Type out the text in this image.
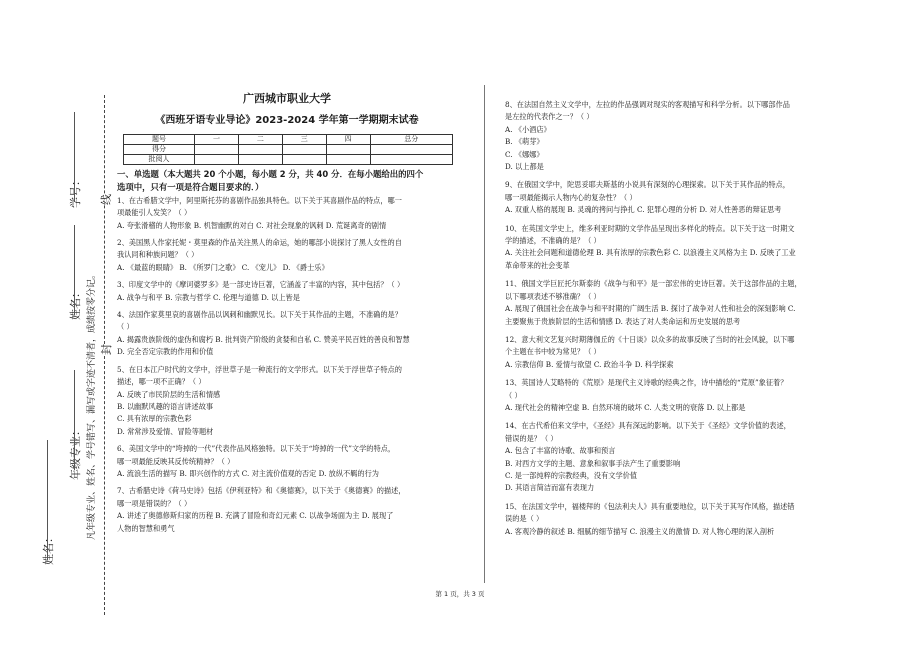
姓名：
学号：
年级专业：
姓名：
凡年级专业、姓名、学号错写、漏写或字迹不清者，成绩按零分记。 封
线
广西城市职业大学
《西班牙语专业导论》2023-2024 学年第一学期期末试卷
题号	一	二	三	四	总分
得分					
批阅人					
一、单选题（本大题共 20 个小题，每小题 2 分，共 40 分．在每小题给出的四个
选项中，只有一项是符合题目要求的．）
1、在古希腊文学中，阿里斯托芬的喜剧作品独具特色。以下关于其喜剧作品的特点，哪一
项最能引人发笑？（ ）
A. 夸张滑稽的人物形象 B. 机智幽默的对白 C. 对社会现象的讽刺 D. 荒诞离奇的剧情
2、美国黑人作家托妮・莫里森的作品关注黑人的命运，她的哪部小说探讨了黑人女性的自
我认同和种族问题？（ ）
A. 《最蓝的眼睛》 B. 《所罗门之歌》 C. 《宠儿》 D. 《爵士乐》
3、印度文学中的《摩诃婆罗多》是一部史诗巨著，它涵盖了丰富的内容，其中包括？（ ）
A. 战争与和平 B. 宗教与哲学 C. 伦理与道德 D. 以上皆是
4、法国作家莫里哀的喜剧作品以讽刺和幽默见长。以下关于其作品的主题，不准确的是？
（ ）
A. 揭露贵族阶级的虚伪和腐朽 B. 批判资产阶级的贪婪和自私 C. 赞美平民百姓的善良和智慧
D. 完全否定宗教的作用和价值
5、在日本江户时代的文学中，浮世草子是一种流行的文学形式。以下关于浮世草子特点的
描述，哪一项不正确？（ ）
A. 反映了市民阶层的生活和情感
B. 以幽默风趣的语言讲述故事
C. 具有浓厚的宗教色彩
D. 常常涉及爱情、冒险等题材
6、美国文学中的“垮掉的一代”代表作品风格独特。以下关于“垮掉的一代”文学的特点，
哪一项最能反映其反传统精神？（ ）
A. 流浪生活的描写 B. 即兴创作的方式 C. 对主流价值观的否定 D. 放纵不羁的行为
7、古希腊史诗《荷马史诗》包括《伊利亚特》和《奥德赛》，以下关于《奥德赛》的描述，
哪一项是错误的？（ ）
A. 讲述了奥德修斯归家的历程 B. 充满了冒险和奇幻元素 C. 以战争场面为主 D. 展现了
人物的智慧和勇气
8、在法国自然主义文学中，左拉的作品强调对现实的客观描写和科学分析。以下哪部作品
是左拉的代表作之一？（ ）
A. 《小酒店》
B. 《萌芽》
C. 《娜娜》
D. 以上都是
9、在俄国文学中，陀思妥耶夫斯基的小说具有深刻的心理探索。以下关于其作品的特点，
哪一项最能揭示人物内心的复杂性？（ ）
A. 双重人格的展现 B. 灵魂的拷问与挣扎 C. 犯罪心理的分析 D. 对人性善恶的辩证思考
10、在英国文学史上，维多利亚时期的文学作品呈现出多样化的特点。以下关于这一时期文
学的描述，不准确的是？（ ）
A. 关注社会问题和道德伦理 B. 具有浓厚的宗教色彩 C. 以浪漫主义风格为主 D. 反映了工业
革命带来的社会变革
11、俄国文学巨匠托尔斯泰的《战争与和平》是一部宏伟的史诗巨著。关于这部作品的主题，
以下哪项表述不够准确？（ ）
A. 展现了俄国社会在战争与和平时期的广阔生活 B. 探讨了战争对人性和社会的深刻影响 C.
主要聚焦于贵族阶层的生活和情感 D. 表达了对人类命运和历史发展的思考
12、意大利文艺复兴时期薄伽丘的《十日谈》以众多的故事反映了当时的社会风貌，以下哪
个主题在书中较为常见？（ ）
A. 宗教信仰 B. 爱情与欲望 C. 政治斗争 D. 科学探索
13、英国诗人艾略特的《荒原》是现代主义诗歌的经典之作，诗中描绘的“荒原”象征着？
（ ）
A. 现代社会的精神空虚 B. 自然环境的破坏 C. 人类文明的衰落 D. 以上都是
14、在古代希伯来文学中，《圣经》具有深远的影响。以下关于《圣经》文学价值的表述，
错误的是？（ ）
A. 包含了丰富的诗歌、故事和预言
B. 对西方文学的主题、意象和叙事手法产生了重要影响
C. 是一部纯粹的宗教经典，没有文学价值
D. 其语言简洁而富有表现力
15、在法国文学中，福楼拜的《包法利夫人》具有重要地位，以下关于其写作风格，描述错
误的是（ ）
A. 客观冷静的叙述 B. 细腻的细节描写 C. 浪漫主义的激情 D. 对人物心理的深入剖析
第 1 页，共 3 页
